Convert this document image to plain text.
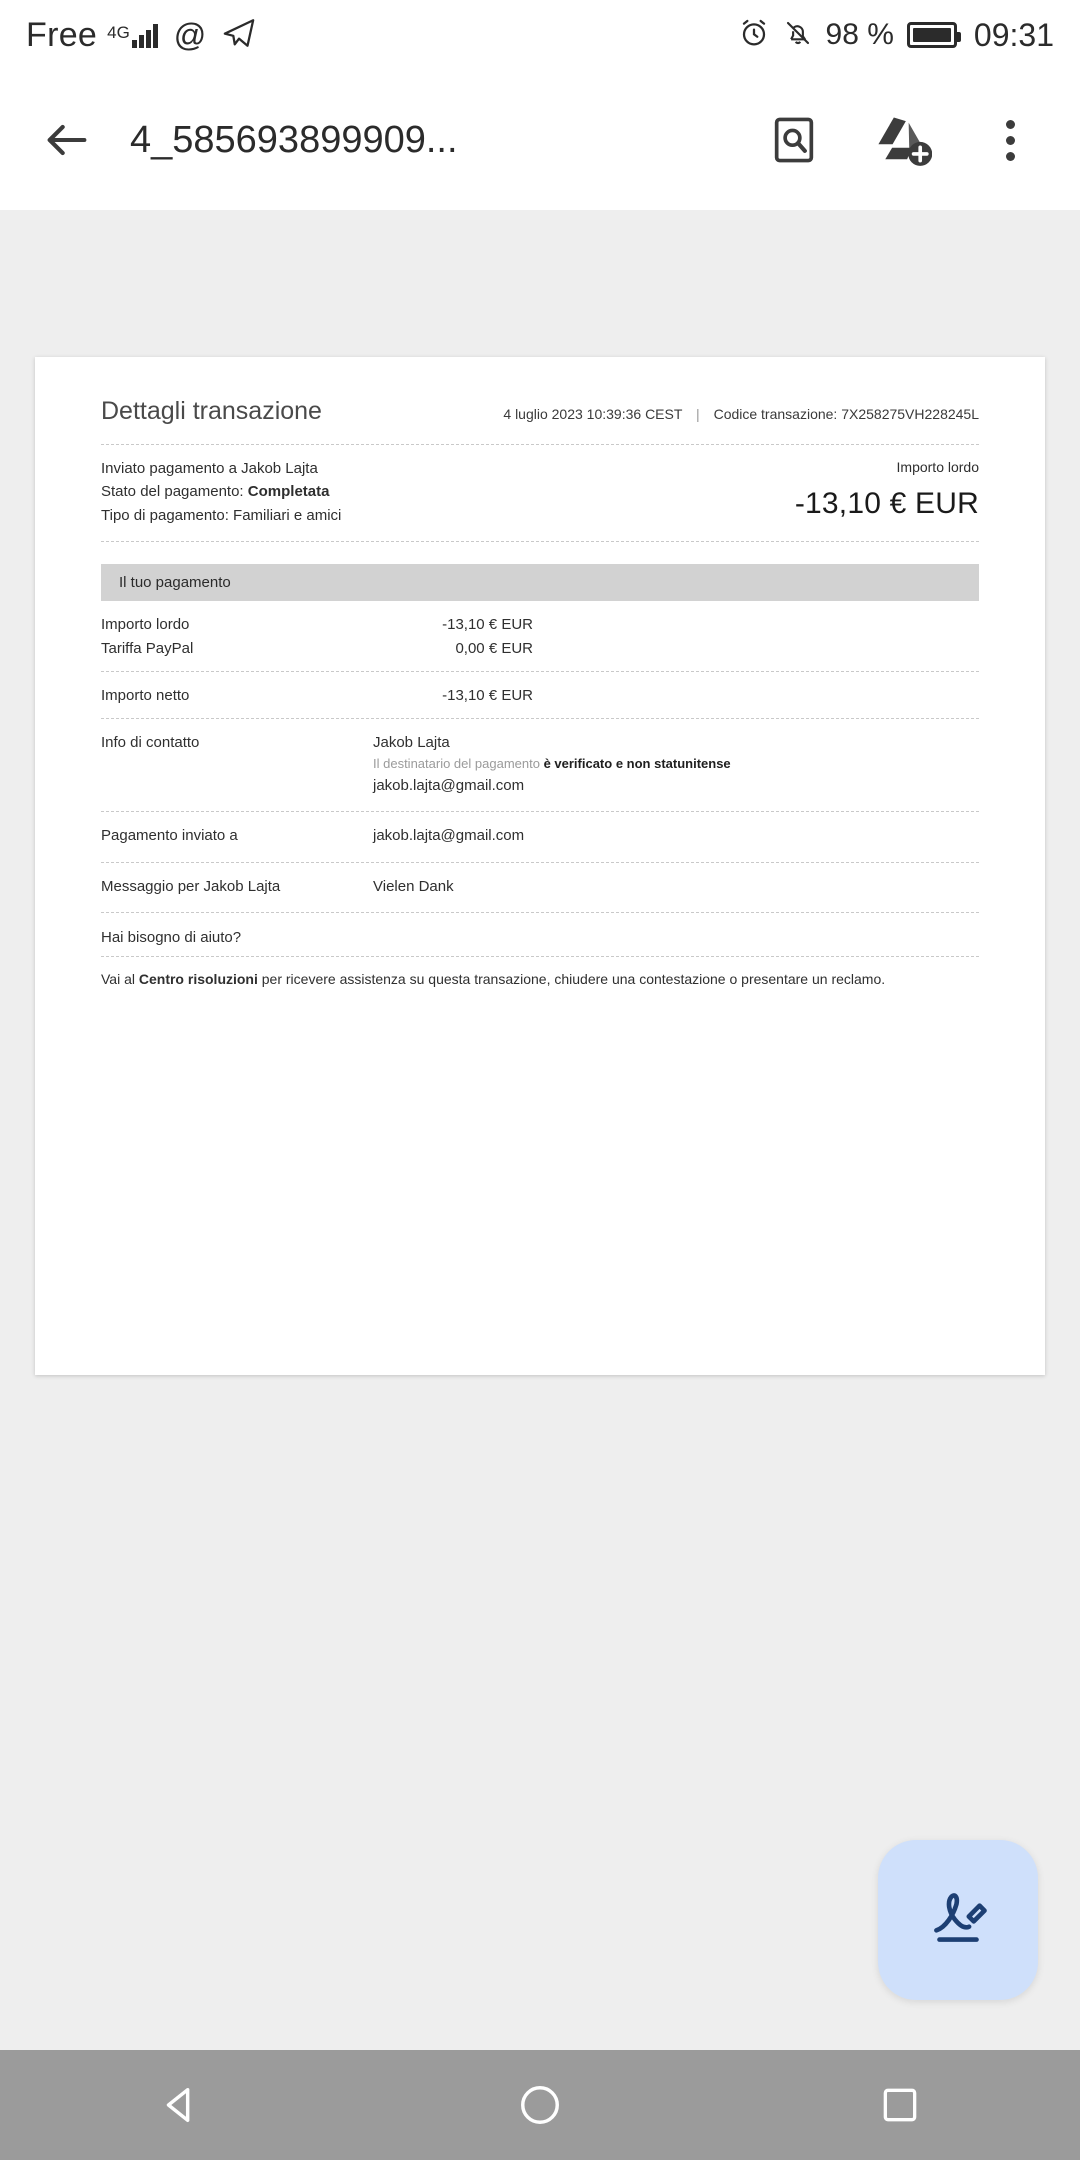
Free 4G @	98 %	09:31
4_585693899909...
Dettagli transazione	4 luglio 2023 10:39:36 CEST | Codice transazione: 7X258275VH228245L
Inviato pagamento a Jakob Lajta
Stato del pagamento:
Completata
Tipo di pagamento:
Familiari e amici
Importo lordo
-13,10 € EUR
Il tuo pagamento
Importo lordo	-13,10 € EUR
Tariffa PayPal	0,00 € EUR
Importo netto	-13,10 € EUR
Info di contatto	Jakob Lajta
Il destinatario del pagamento è verificato e non statunitense
jakob.lajta@gmail.com
Pagamento inviato a	jakob.lajta@gmail.com
Messaggio per Jakob Lajta	Vielen Dank
Hai bisogno di aiuto?
Vai al Centro risoluzioni per ricevere assistenza su questa transazione, chiudere una contestazione o presentare un reclamo.
